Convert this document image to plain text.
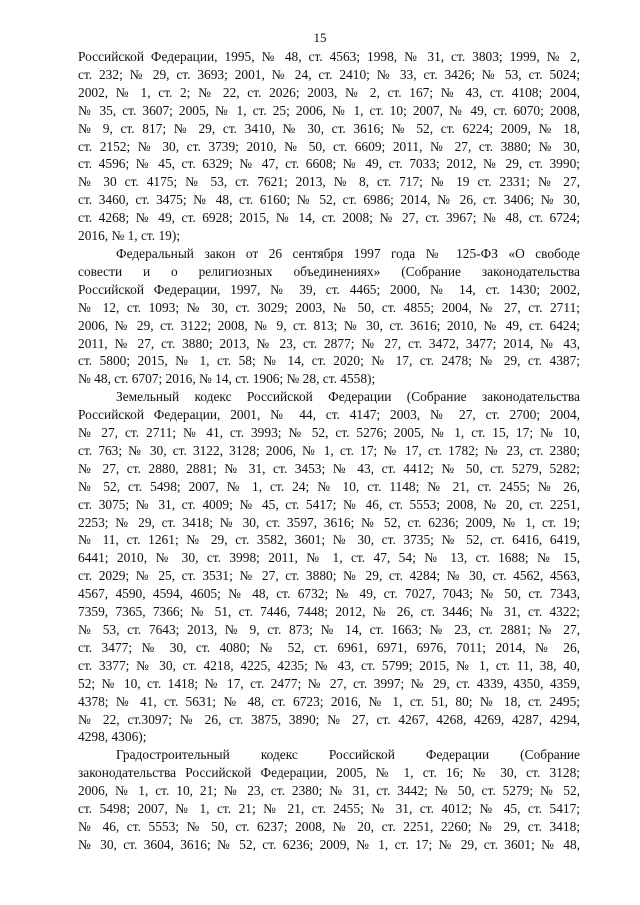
15
Российской Федерации, 1995, № 48, ст. 4563; 1998, № 31, ст. 3803; 1999, № 2,
ст. 232; № 29, ст. 3693; 2001, № 24, ст. 2410; № 33, ст. 3426; № 53, ст. 5024;
2002, № 1, ст. 2; № 22, ст. 2026; 2003, № 2, ст. 167; № 43, ст. 4108; 2004,
№ 35, ст. 3607; 2005, № 1, ст. 25; 2006, № 1, ст. 10; 2007, № 49, ст. 6070; 2008,
№ 9, ст. 817; № 29, ст. 3410, № 30, ст. 3616; № 52, ст. 6224; 2009, № 18,
ст. 2152; № 30, ст. 3739; 2010, № 50, ст. 6609; 2011, № 27, ст. 3880; № 30,
ст. 4596; № 45, ст. 6329; № 47, ст. 6608; № 49, ст. 7033; 2012, № 29, ст. 3990;
№ 30 ст. 4175; № 53, ст. 7621; 2013, № 8, ст. 717; № 19 ст. 2331; № 27,
ст. 3460, ст. 3475; № 48, ст. 6160; № 52, ст. 6986; 2014, № 26, ст. 3406; № 30,
ст. 4268; № 49, ст. 6928; 2015, № 14, ст. 2008; № 27, ст. 3967; № 48, ст. 6724;
2016, № 1, ст. 19);
Федеральный закон от 26 сентября 1997 года № 125-ФЗ «О свободе
совести и о религиозных объединениях» (Собрание законодательства
Российской Федерации, 1997, № 39, ст. 4465; 2000, № 14, ст. 1430; 2002,
№ 12, ст. 1093; № 30, ст. 3029; 2003, № 50, ст. 4855; 2004, № 27, ст. 2711;
2006, № 29, ст. 3122; 2008, № 9, ст. 813; № 30, ст. 3616; 2010, № 49, ст. 6424;
2011, № 27, ст. 3880; 2013, № 23, ст. 2877; № 27, ст. 3472, 3477; 2014, № 43,
ст. 5800; 2015, № 1, ст. 58; № 14, ст. 2020; № 17, ст. 2478; № 29, ст. 4387;
№ 48, ст. 6707; 2016, № 14, ст. 1906; № 28, ст. 4558);
Земельный кодекс Российской Федерации (Собрание законодательства
Российской Федерации, 2001, № 44, ст. 4147; 2003, № 27, ст. 2700; 2004,
№ 27, ст. 2711; № 41, ст. 3993; № 52, ст. 5276; 2005, № 1, ст. 15, 17; № 10,
ст. 763; № 30, ст. 3122, 3128; 2006, № 1, ст. 17; № 17, ст. 1782; № 23, ст. 2380;
№ 27, ст. 2880, 2881; № 31, ст. 3453; № 43, ст. 4412; № 50, ст. 5279, 5282;
№ 52, ст. 5498; 2007, № 1, ст. 24; № 10, ст. 1148; № 21, ст. 2455; № 26,
ст. 3075; № 31, ст. 4009; № 45, ст. 5417; № 46, ст. 5553; 2008, № 20, ст. 2251,
2253; № 29, ст. 3418; № 30, ст. 3597, 3616; № 52, ст. 6236; 2009, № 1, ст. 19;
№ 11, ст. 1261; № 29, ст. 3582, 3601; № 30, ст. 3735; № 52, ст. 6416, 6419,
6441; 2010, № 30, ст. 3998; 2011, № 1, ст. 47, 54; № 13, ст. 1688; № 15,
ст. 2029; № 25, ст. 3531; № 27, ст. 3880; № 29, ст. 4284; № 30, ст. 4562, 4563,
4567, 4590, 4594, 4605; № 48, ст. 6732; № 49, ст. 7027, 7043; № 50, ст. 7343,
7359, 7365, 7366; № 51, ст. 7446, 7448; 2012, № 26, ст. 3446; № 31, ст. 4322;
№ 53, ст. 7643; 2013, № 9, ст. 873; № 14, ст. 1663; № 23, ст. 2881; № 27,
ст. 3477; № 30, ст. 4080; № 52, ст. 6961, 6971, 6976, 7011; 2014, № 26,
ст. 3377; № 30, ст. 4218, 4225, 4235; № 43, ст. 5799; 2015, № 1, ст. 11, 38, 40,
52; № 10, ст. 1418; № 17, ст. 2477; № 27, ст. 3997; № 29, ст. 4339, 4350, 4359,
4378; № 41, ст. 5631; № 48, ст. 6723; 2016, № 1, ст. 51, 80; № 18, ст. 2495;
№ 22, ст.3097; № 26, ст. 3875, 3890; № 27, ст. 4267, 4268, 4269, 4287, 4294,
4298, 4306);
Градостроительный кодекс Российской Федерации (Собрание
законодательства Российской Федерации, 2005, № 1, ст. 16; № 30, ст. 3128;
2006, № 1, ст. 10, 21; № 23, ст. 2380; № 31, ст. 3442; № 50, ст. 5279; № 52,
ст. 5498; 2007, № 1, ст. 21; № 21, ст. 2455; № 31, ст. 4012; № 45, ст. 5417;
№ 46, ст. 5553; № 50, ст. 6237; 2008, № 20, ст. 2251, 2260; № 29, ст. 3418;
№ 30, ст. 3604, 3616; № 52, ст. 6236; 2009, № 1, ст. 17; № 29, ст. 3601; № 48,
